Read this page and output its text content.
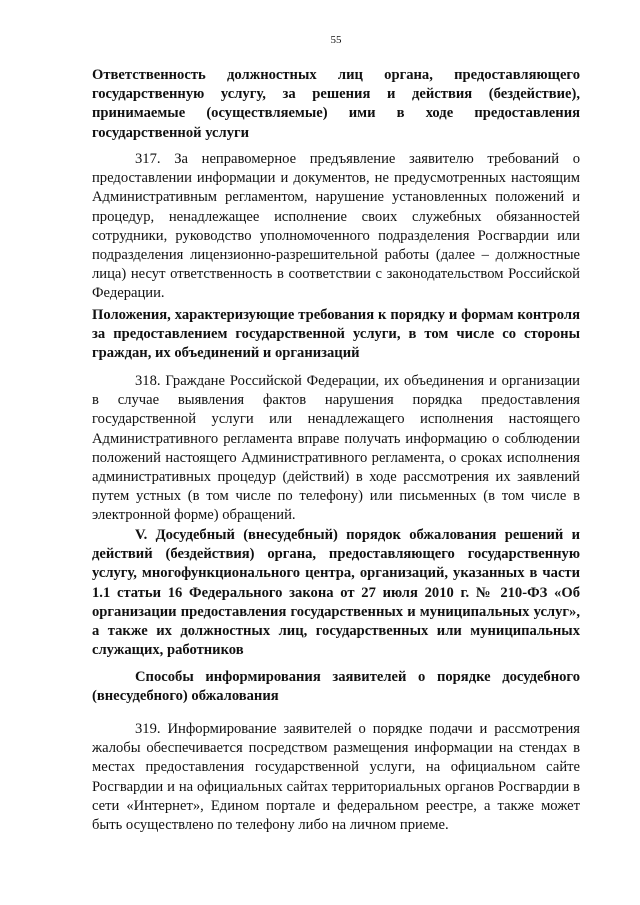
55
Ответственность должностных лиц органа, предоставляющего государственную услугу, за решения и действия (бездействие), принимаемые (осуществляемые) ими в ходе предоставления государственной услуги
317. За неправомерное предъявление заявителю требований о предоставлении информации и документов, не предусмотренных настоящим Административным регламентом, нарушение установленных положений и процедур, ненадлежащее исполнение своих служебных обязанностей сотрудники, руководство уполномоченного подразделения Росгвардии или подразделения лицензионно-разрешительной работы (далее – должностные лица) несут ответственность в соответствии с законодательством Российской Федерации.
Положения, характеризующие требования к порядку и формам контроля за предоставлением государственной услуги, в том числе со стороны граждан, их объединений и организаций
318. Граждане Российской Федерации, их объединения и организации в случае выявления фактов нарушения порядка предоставления государственной услуги или ненадлежащего исполнения настоящего Административного регламента вправе получать информацию о соблюдении положений настоящего Административного регламента, о сроках исполнения административных процедур (действий) в ходе рассмотрения их заявлений путем устных (в том числе по телефону) или письменных (в том числе в электронной форме) обращений.
V. Досудебный (внесудебный) порядок обжалования решений и действий (бездействия) органа, предоставляющего государственную услугу, многофункционального центра, организаций, указанных в части 1.1 статьи 16 Федерального закона от 27 июля 2010 г. № 210-ФЗ «Об организации предоставления государственных и муниципальных услуг», а также их должностных лиц, государственных или муниципальных служащих, работников
Способы информирования заявителей о порядке досудебного (внесудебного) обжалования
319. Информирование заявителей о порядке подачи и рассмотрения жалобы обеспечивается посредством размещения информации на стендах в местах предоставления государственной услуги, на официальном сайте Росгвардии и на официальных сайтах территориальных органов Росгвардии в сети «Интернет», Едином портале и федеральном реестре, а также может быть осуществлено по телефону либо на личном приеме.
